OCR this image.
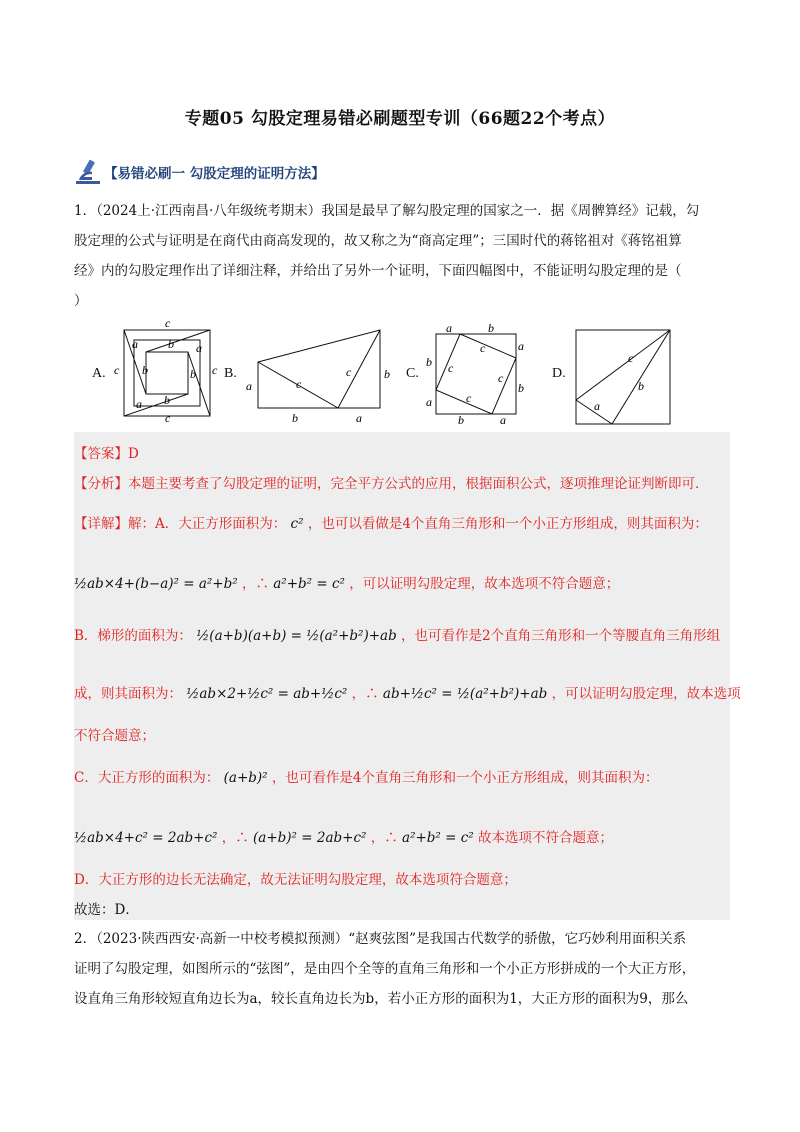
专题05 勾股定理易错必刷题型专训（66题22个考点）
【易错必刷一 勾股定理的证明方法】

1．（2024上·江西南昌·八年级统考期末）我国是最早了解勾股定理的国家之一．据《周髀算经》记载，勾

股定理的公式与证明是在商代由商高发现的，故又称之为“商高定理”；三国时代的蒋铭祖对《蒋铭祖算

经》内的勾股定理作出了详细注释，并给出了另外一个证明，下面四幅图中，不能证明勾股定理的是（

）

A.
c
c
c	c
a
a
a
b
b	b
b
B.
a	c
c	b
b	a
C.
a	b
a
b
a
b
a
b
c
c
c
c	D.
c
b
a
【答案】D
【分析】本题主要考查了勾股定理的证明，完全平方公式的应用，根据面积公式，逐项推理论证判断即可．
【详解】解：A．大正方形面积为： c² ，也可以看做是4个直角三角形和一个小正方形组成，则其面积为：
½ab×4+(b−a)² = a²+b² ，∴ a²+b² = c² ，可以证明勾股定理，故本选项不符合题意；
B．梯形的面积为： ½(a+b)(a+b) = ½(a²+b²)+ab ，也可看作是2个直角三角形和一个等腰直角三角形组
成，则其面积为： ½ab×2+½c² = ab+½c² ，∴ ab+½c² = ½(a²+b²)+ab ，可以证明勾股定理，故本选项
不符合题意；
C．大正方形的面积为： (a+b)² ，也可看作是4个直角三角形和一个小正方形组成，则其面积为：
½ab×4+c² = 2ab+c² ，∴ (a+b)² = 2ab+c² ，∴ a²+b² = c² 故本选项不符合题意；
D．大正方形的边长无法确定，故无法证明勾股定理，故本选项符合题意；
故选：D．

2．（2023·陕西西安·高新一中校考模拟预测）“赵爽弦图”是我国古代数学的骄傲，它巧妙利用面积关系

证明了勾股定理，如图所示的“弦图”，是由四个全等的直角三角形和一个小正方形拼成的一个大正方形，

设直角三角形较短直角边长为a，较长直角边长为b，若小正方形的面积为1，大正方形的面积为9，那么
